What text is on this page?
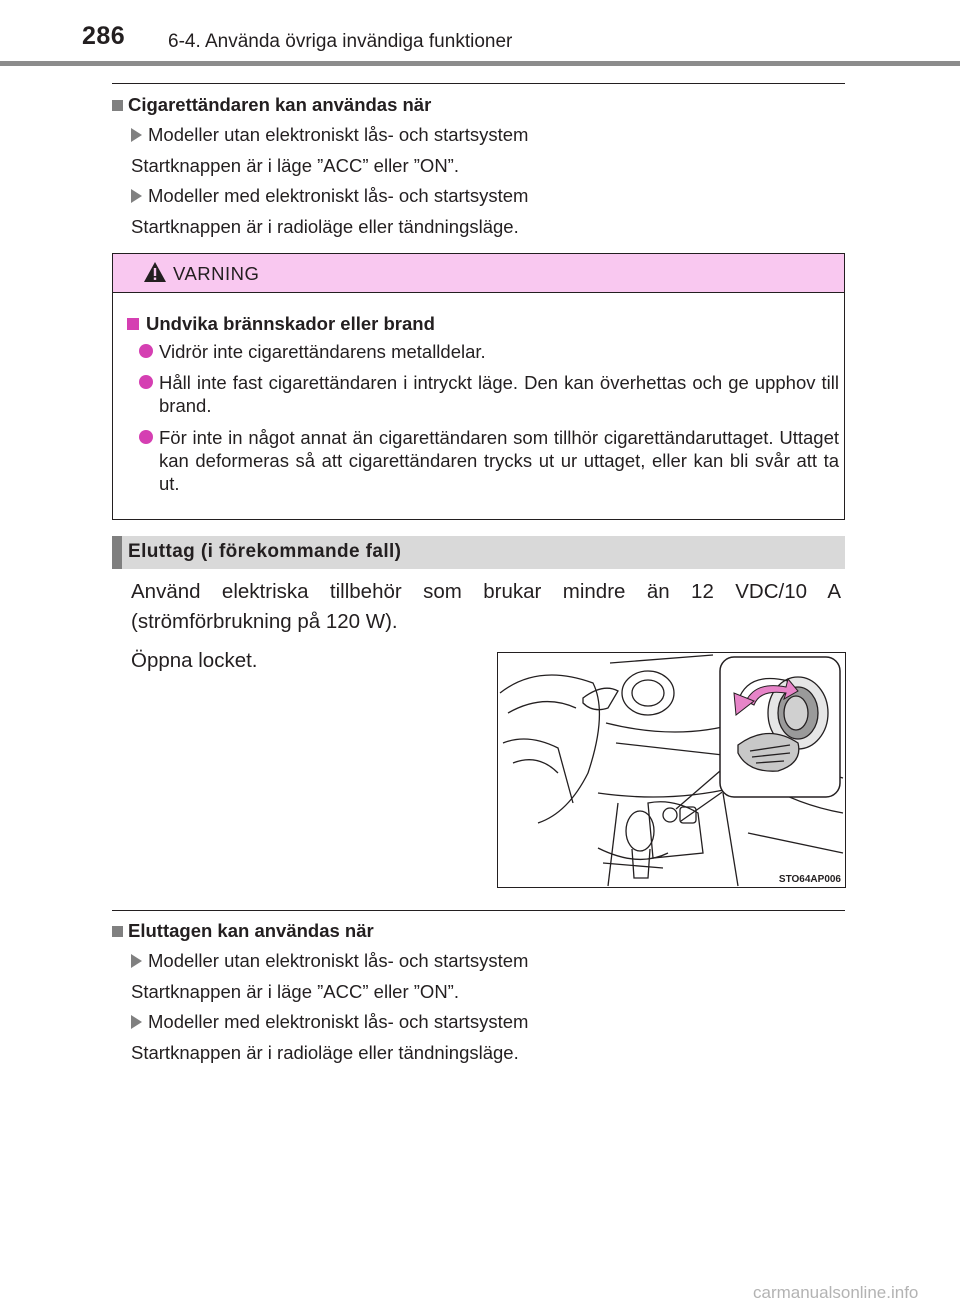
286 6-4. Använda övriga invändiga funktioner
Cigarettändaren kan användas när
Modeller utan elektroniskt lås- och startsystem
Startknappen är i läge ”ACC” eller ”ON”.
Modeller med elektroniskt lås- och startsystem
Startknappen är i radioläge eller tändningsläge.
VARNING
Undvika brännskador eller brand
Vidrör inte cigarettändarens metalldelar.
Håll inte fast cigarettändaren i intryckt läge. Den kan överhettas och ge upphov till brand.
För inte in något annat än cigarettändaren som tillhör cigarettändaruttaget. Uttaget kan deformeras så att cigarettändaren trycks ut ur uttaget, eller kan bli svår att ta ut.
Eluttag (i förekommande fall)
Använd elektriska tillbehör som brukar mindre än 12 VDC/10 A (strömförbrukning på 120 W).
Öppna locket.
STO64AP006
Eluttagen kan användas när
Modeller utan elektroniskt lås- och startsystem
Startknappen är i läge ”ACC” eller ”ON”.
Modeller med elektroniskt lås- och startsystem
Startknappen är i radioläge eller tändningsläge.
carmanualsonline.info
